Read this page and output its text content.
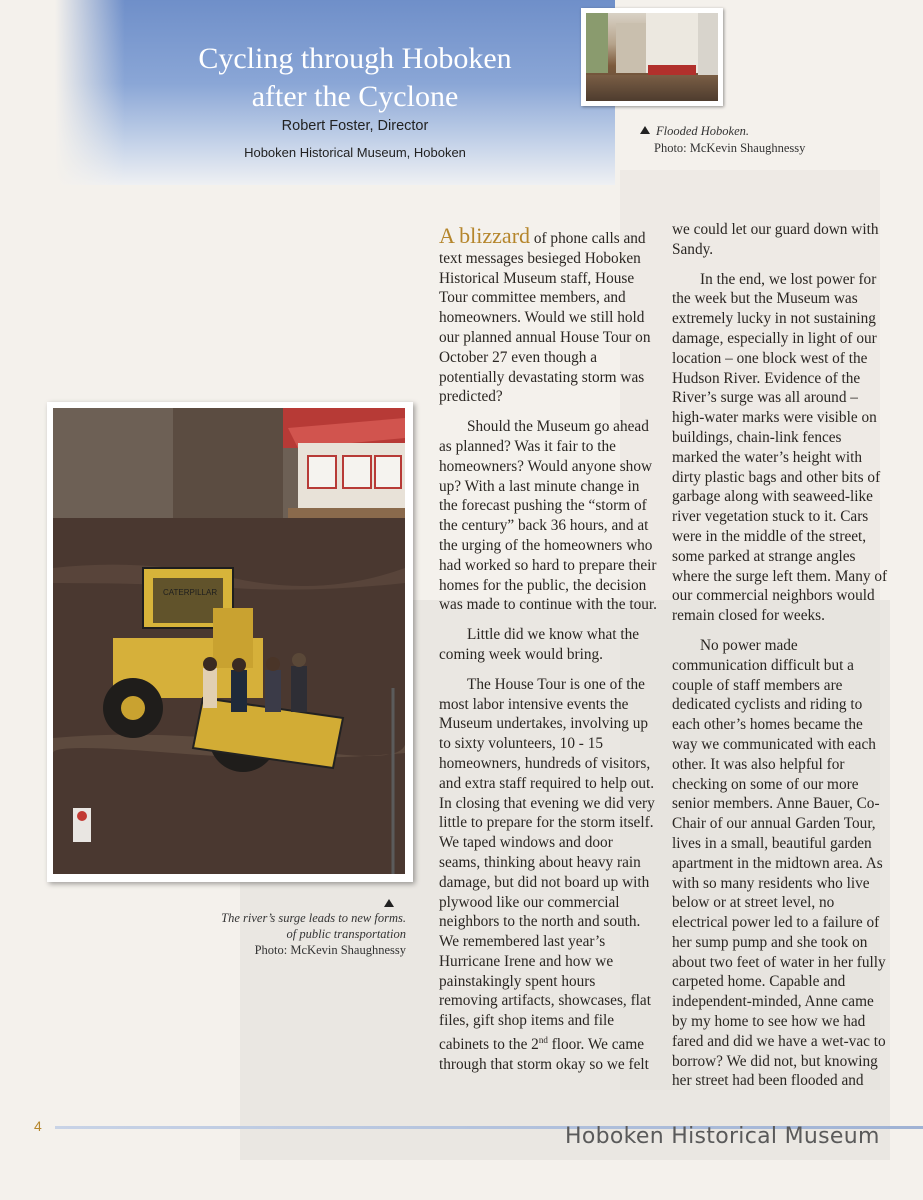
Cycling through Hoboken
after the Cyclone
Robert Foster, Director
Hoboken Historical Museum, Hoboken
Flooded Hoboken.
Photo: McKevin Shaughnessy
CATERPILLAR
The river’s surge leads to new forms.
of public transportation
Photo: McKevin Shaughnessy

A blizzard of phone calls and text messages besieged Hoboken Historical Museum staff, House Tour committee members, and homeowners. Would we still hold our planned annual House Tour on October 27 even though a potentially devastating storm was predicted?

Should the Museum go ahead as planned? Was it fair to the homeowners? Would anyone show up? With a last minute change in the forecast pushing the “storm of the century” back 36 hours, and at the urging of the homeowners who had worked so hard to prepare their homes for the public, the decision was made to continue with the tour.

Little did we know what the coming week would bring.

The House Tour is one of the most labor intensive events the Museum undertakes, involving up to sixty volunteers, 10 - 15 homeowners, hundreds of visitors, and extra staff required to help out. In closing that evening we did very little to prepare for the storm itself. We taped windows and door seams, thinking about heavy rain damage, but did not board up with plywood like our commercial neighbors to the north and south. We remembered last year’s Hurricane Irene and how we painstakingly spent hours removing artifacts, showcases, flat files, gift shop items and file cabinets to the 2nd floor. We came through that storm okay so we felt

we could let our guard down with Sandy.

In the end, we lost power for the week but the Museum was extremely lucky in not sustaining damage, especially in light of our location – one block west of the Hudson River. Evidence of the River’s surge was all around – high-water marks were visible on buildings, chain-link fences marked the water’s height with dirty plastic bags and other bits of garbage along with seaweed-like river vegetation stuck to it. Cars were in the middle of the street, some parked at strange angles where the surge left them. Many of our commercial neighbors would remain closed for weeks.

No power made communication difficult but a couple of staff members are dedicated cyclists and riding to each other’s homes became the way we communicated with each other. It was also helpful for checking on some of our more senior members. Anne Bauer, Co-Chair of our annual Garden Tour, lives in a small, beautiful garden apartment in the midtown area. As with so many residents who live below or at street level, no electrical power led to a failure of her sump pump and she took on about two feet of water in her fully carpeted home. Capable and independent-minded, Anne came by my home to see how we had fared and did we have a wet-vac to borrow? We did not, but knowing her street had been flooded and

4	Hoboken Historical Museum
